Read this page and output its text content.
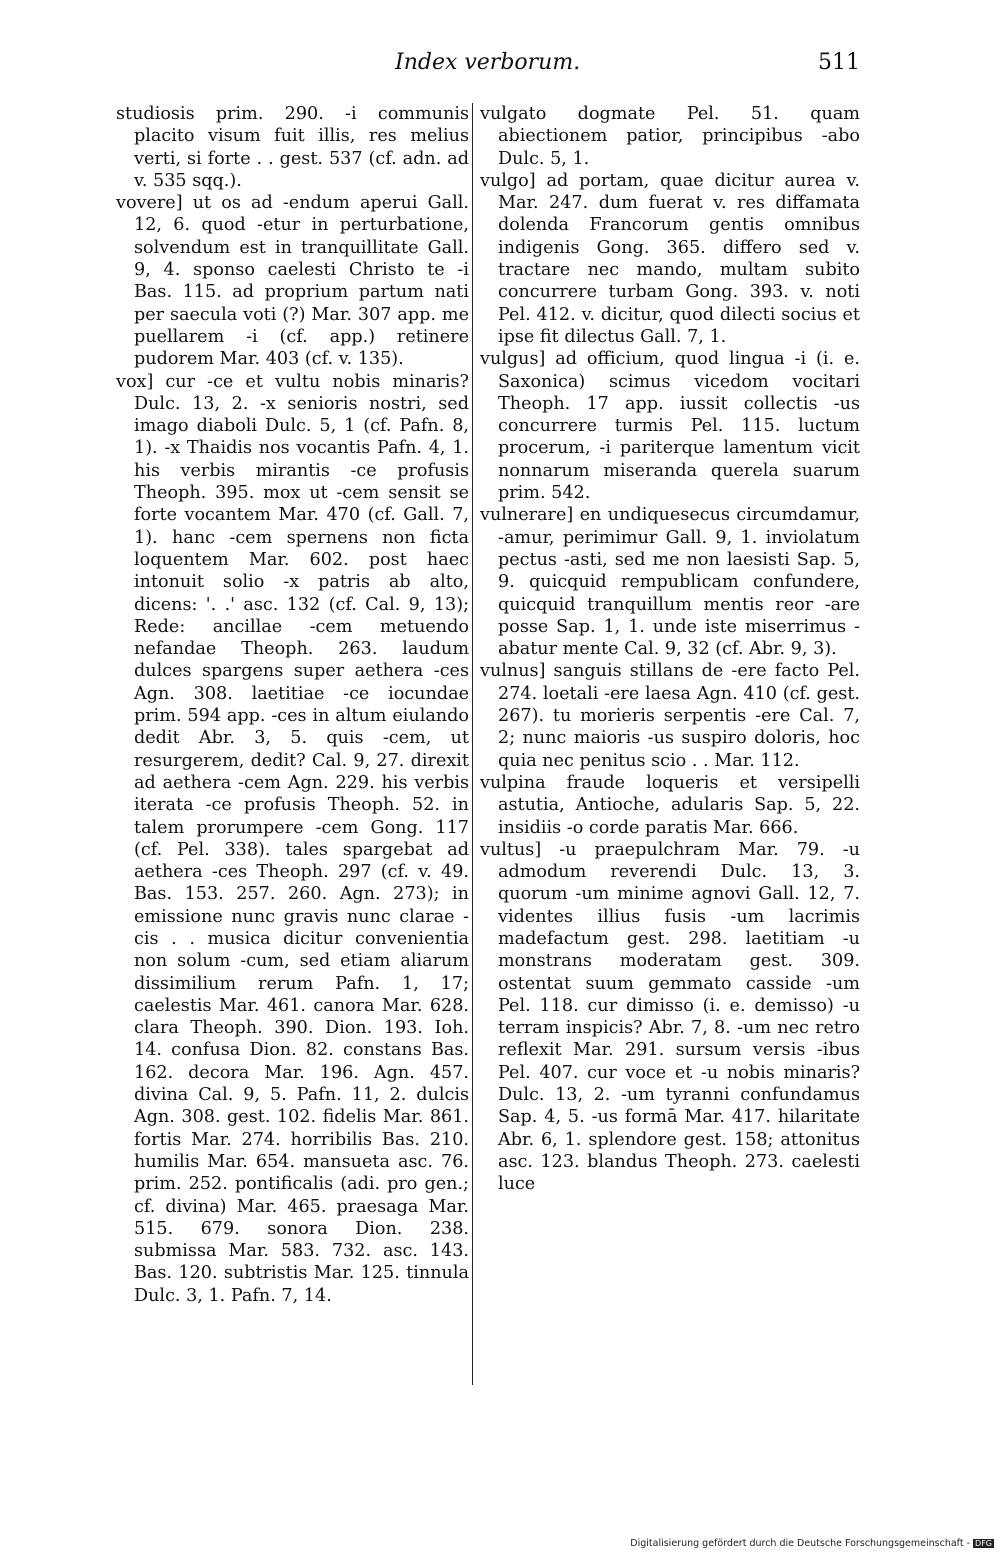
Index verborum.	511

studiosis prim. 290. -i communis placito visum fuit illis, res melius verti, si forte . . gest. 537 (cf. adn. ad v. 535 sqq.).

vovere] ut os ad -endum aperui Gall. 12, 6. quod -etur in perturbatione, solvendum est in tranquillitate Gall. 9, 4. sponso caelesti Christo te -i Bas. 115. ad proprium partum nati per saecula voti (?) Mar. 307 app. me puellarem -i (cf. app.) retinere pudorem Mar. 403 (cf. v. 135).

vox] cur -ce et vultu nobis minaris? Dulc. 13, 2. -x senioris nostri, sed imago diaboli Dulc. 5, 1 (cf. Pafn. 8, 1). -x Thaidis nos vocantis Pafn. 4, 1. his verbis mirantis -ce profusis Theoph. 395. mox ut -cem sensit se forte vocantem Mar. 470 (cf. Gall. 7, 1). hanc -cem spernens non ficta loquentem Mar. 602. post haec intonuit solio -x patris ab alto, dicens: '. .' asc. 132 (cf. Cal. 9, 13); Rede: ancillae -cem metuendo nefandae Theoph. 263. laudum dulces spargens super aethera -ces Agn. 308. laetitiae -ce iocundae prim. 594 app. -ces in altum eiulando dedit Abr. 3, 5. quis -cem, ut resurgerem, dedit? Cal. 9, 27. direxit ad aethera -cem Agn. 229. his verbis iterata -ce profusis Theoph. 52. in talem prorumpere -cem Gong. 117 (cf. Pel. 338). tales spargebat ad aethera -ces Theoph. 297 (cf. v. 49. Bas. 153. 257. 260. Agn. 273); in emissione nunc gravis nunc clarae -cis . . musica dicitur convenientia non solum -cum, sed etiam aliarum dissimilium rerum Pafn. 1, 17; caelestis Mar. 461. canora Mar. 628. clara Theoph. 390. Dion. 193. Ioh. 14. confusa Dion. 82. constans Bas. 162. decora Mar. 196. Agn. 457. divina Cal. 9, 5. Pafn. 11, 2. dulcis Agn. 308. gest. 102. fidelis Mar. 861. fortis Mar. 274. horribilis Bas. 210. humilis Mar. 654. mansueta asc. 76. prim. 252. pontificalis (adi. pro gen.; cf. divina) Mar. 465. praesaga Mar. 515. 679. sonora Dion. 238. submissa Mar. 583. 732. asc. 143. Bas. 120. subtristis Mar. 125. tinnula Dulc. 3, 1. Pafn. 7, 14.

vulgato dogmate Pel. 51. quam abiectionem patior, principibus -abo Dulc. 5, 1.

vulgo] ad portam, quae dicitur aurea v. Mar. 247. dum fuerat v. res diffamata dolenda Francorum gentis omnibus indigenis Gong. 365. differo sed v. tractare nec mando, multam subito concurrere turbam Gong. 393. v. noti Pel. 412. v. dicitur, quod dilecti socius et ipse fit dilectus Gall. 7, 1.

vulgus] ad officium, quod lingua -i (i. e. Saxonica) scimus vicedom vocitari Theoph. 17 app. iussit collectis -us concurrere turmis Pel. 115. luctum procerum, -i pariterque lamentum vicit nonnarum miseranda querela suarum prim. 542.

vulnerare] en undiquesecus circumdamur, -amur, perimimur Gall. 9, 1. inviolatum pectus -asti, sed me non laesisti Sap. 5, 9. quicquid rempublicam confundere, quicquid tranquillum mentis reor -are posse Sap. 1, 1. unde iste miserrimus -abatur mente Cal. 9, 32 (cf. Abr. 9, 3).

vulnus] sanguis stillans de -ere facto Pel. 274. loetali -ere laesa Agn. 410 (cf. gest. 267). tu morieris serpentis -ere Cal. 7, 2; nunc maioris -us suspiro doloris, hoc quia nec penitus scio . . Mar. 112.

vulpina fraude loqueris et versipelli astutia, Antioche, adularis Sap. 5, 22. insidiis -o corde paratis Mar. 666.

vultus] -u praepulchram Mar. 79. -u admodum reverendi Dulc. 13, 3. quorum -um minime agnovi Gall. 12, 7. videntes illius fusis -um lacrimis madefactum gest. 298. laetitiam -u monstrans moderatam gest. 309. ostentat suum gemmato casside -um Pel. 118. cur dimisso (i. e. demisso) -u terram inspicis? Abr. 7, 8. -um nec retro reflexit Mar. 291. sursum versis -ibus Pel. 407. cur voce et -u nobis minaris? Dulc. 13, 2. -um tyranni confundamus Sap. 4, 5. -us formā Mar. 417. hilaritate Abr. 6, 1. splendore gest. 158; attonitus asc. 123. blandus Theoph. 273. caelesti luce

Digitalisierung gefördert durch die Deutsche Forschungsgemeinschaft - DFG
